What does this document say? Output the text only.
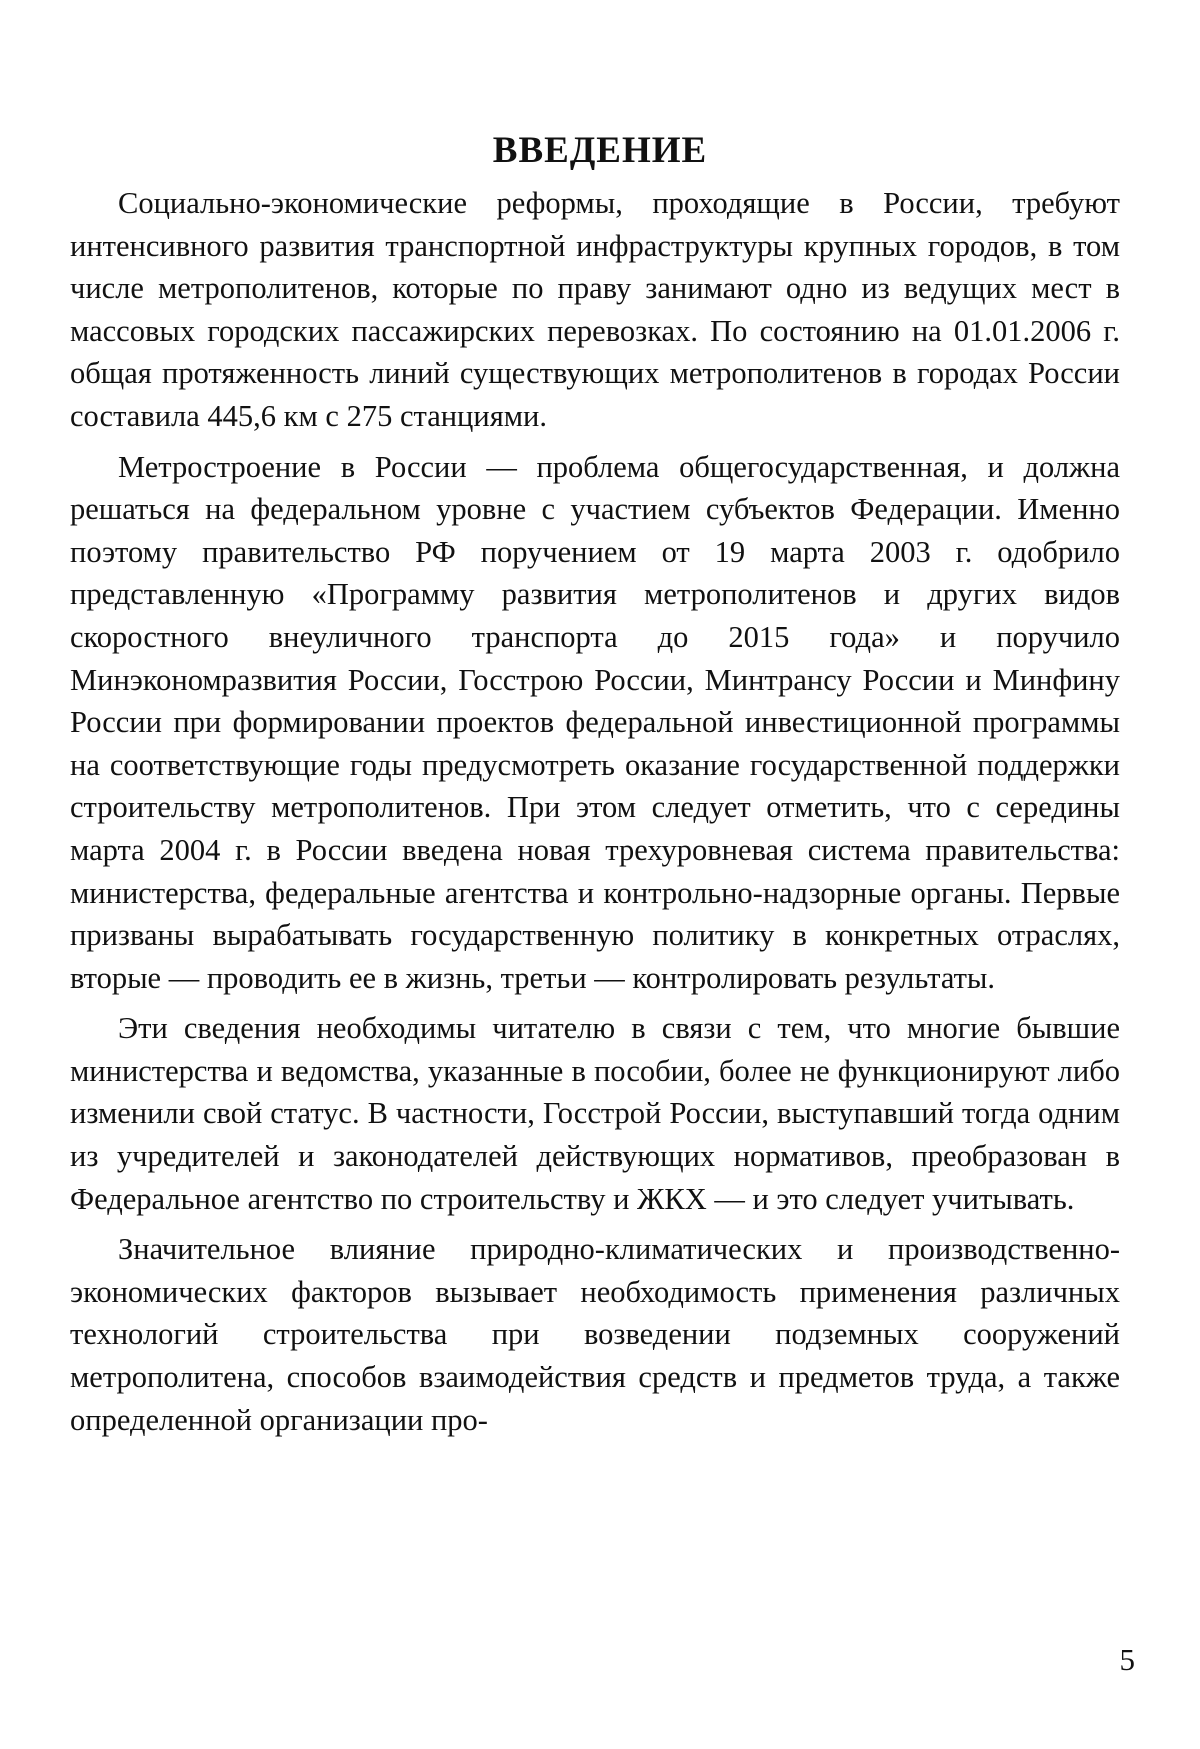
ВВЕДЕНИЕ

Социально-экономические реформы, проходящие в России, требуют интенсивного развития транспортной инфраструктуры крупных городов, в том числе метрополитенов, которые по праву занимают одно из ведущих мест в массовых городских пассажирских перевозках. По состоянию на 01.01.2006 г. общая протяженность линий существующих метрополитенов в городах России составила 445,6 км с 275 станциями.

Метростроение в России — проблема общегосударственная, и должна решаться на федеральном уровне с участием субъектов Федерации. Именно поэтому правительство РФ поручением от 19 марта 2003 г. одобрило представленную «Программу развития метрополитенов и других видов скоростного внеуличного транспорта до 2015 года» и поручило Минэкономразвития России, Госстрою России, Минтрансу России и Минфину России при формировании проектов федеральной инвестиционной программы на соответствующие годы предусмотреть оказание государственной поддержки строительству метрополитенов. При этом следует отметить, что с середины марта 2004 г. в России введена новая трехуровневая система правительства: министерства, федеральные агентства и контрольно-надзорные органы. Первые призваны вырабатывать государственную политику в конкретных отраслях, вторые — проводить ее в жизнь, третьи — контролировать результаты.

Эти сведения необходимы читателю в связи с тем, что многие бывшие министерства и ведомства, указанные в пособии, более не функционируют либо изменили свой статус. В частности, Госстрой России, выступавший тогда одним из учредителей и законодателей действующих нормативов, преобразован в Федеральное агентство по строительству и ЖКХ — и это следует учитывать.

Значительное влияние природно-климатических и производственно-экономических факторов вызывает необходимость применения различных технологий строительства при возведении подземных сооружений метрополитена, способов взаимодействия средств и предметов труда, а также определенной организации про-

5
